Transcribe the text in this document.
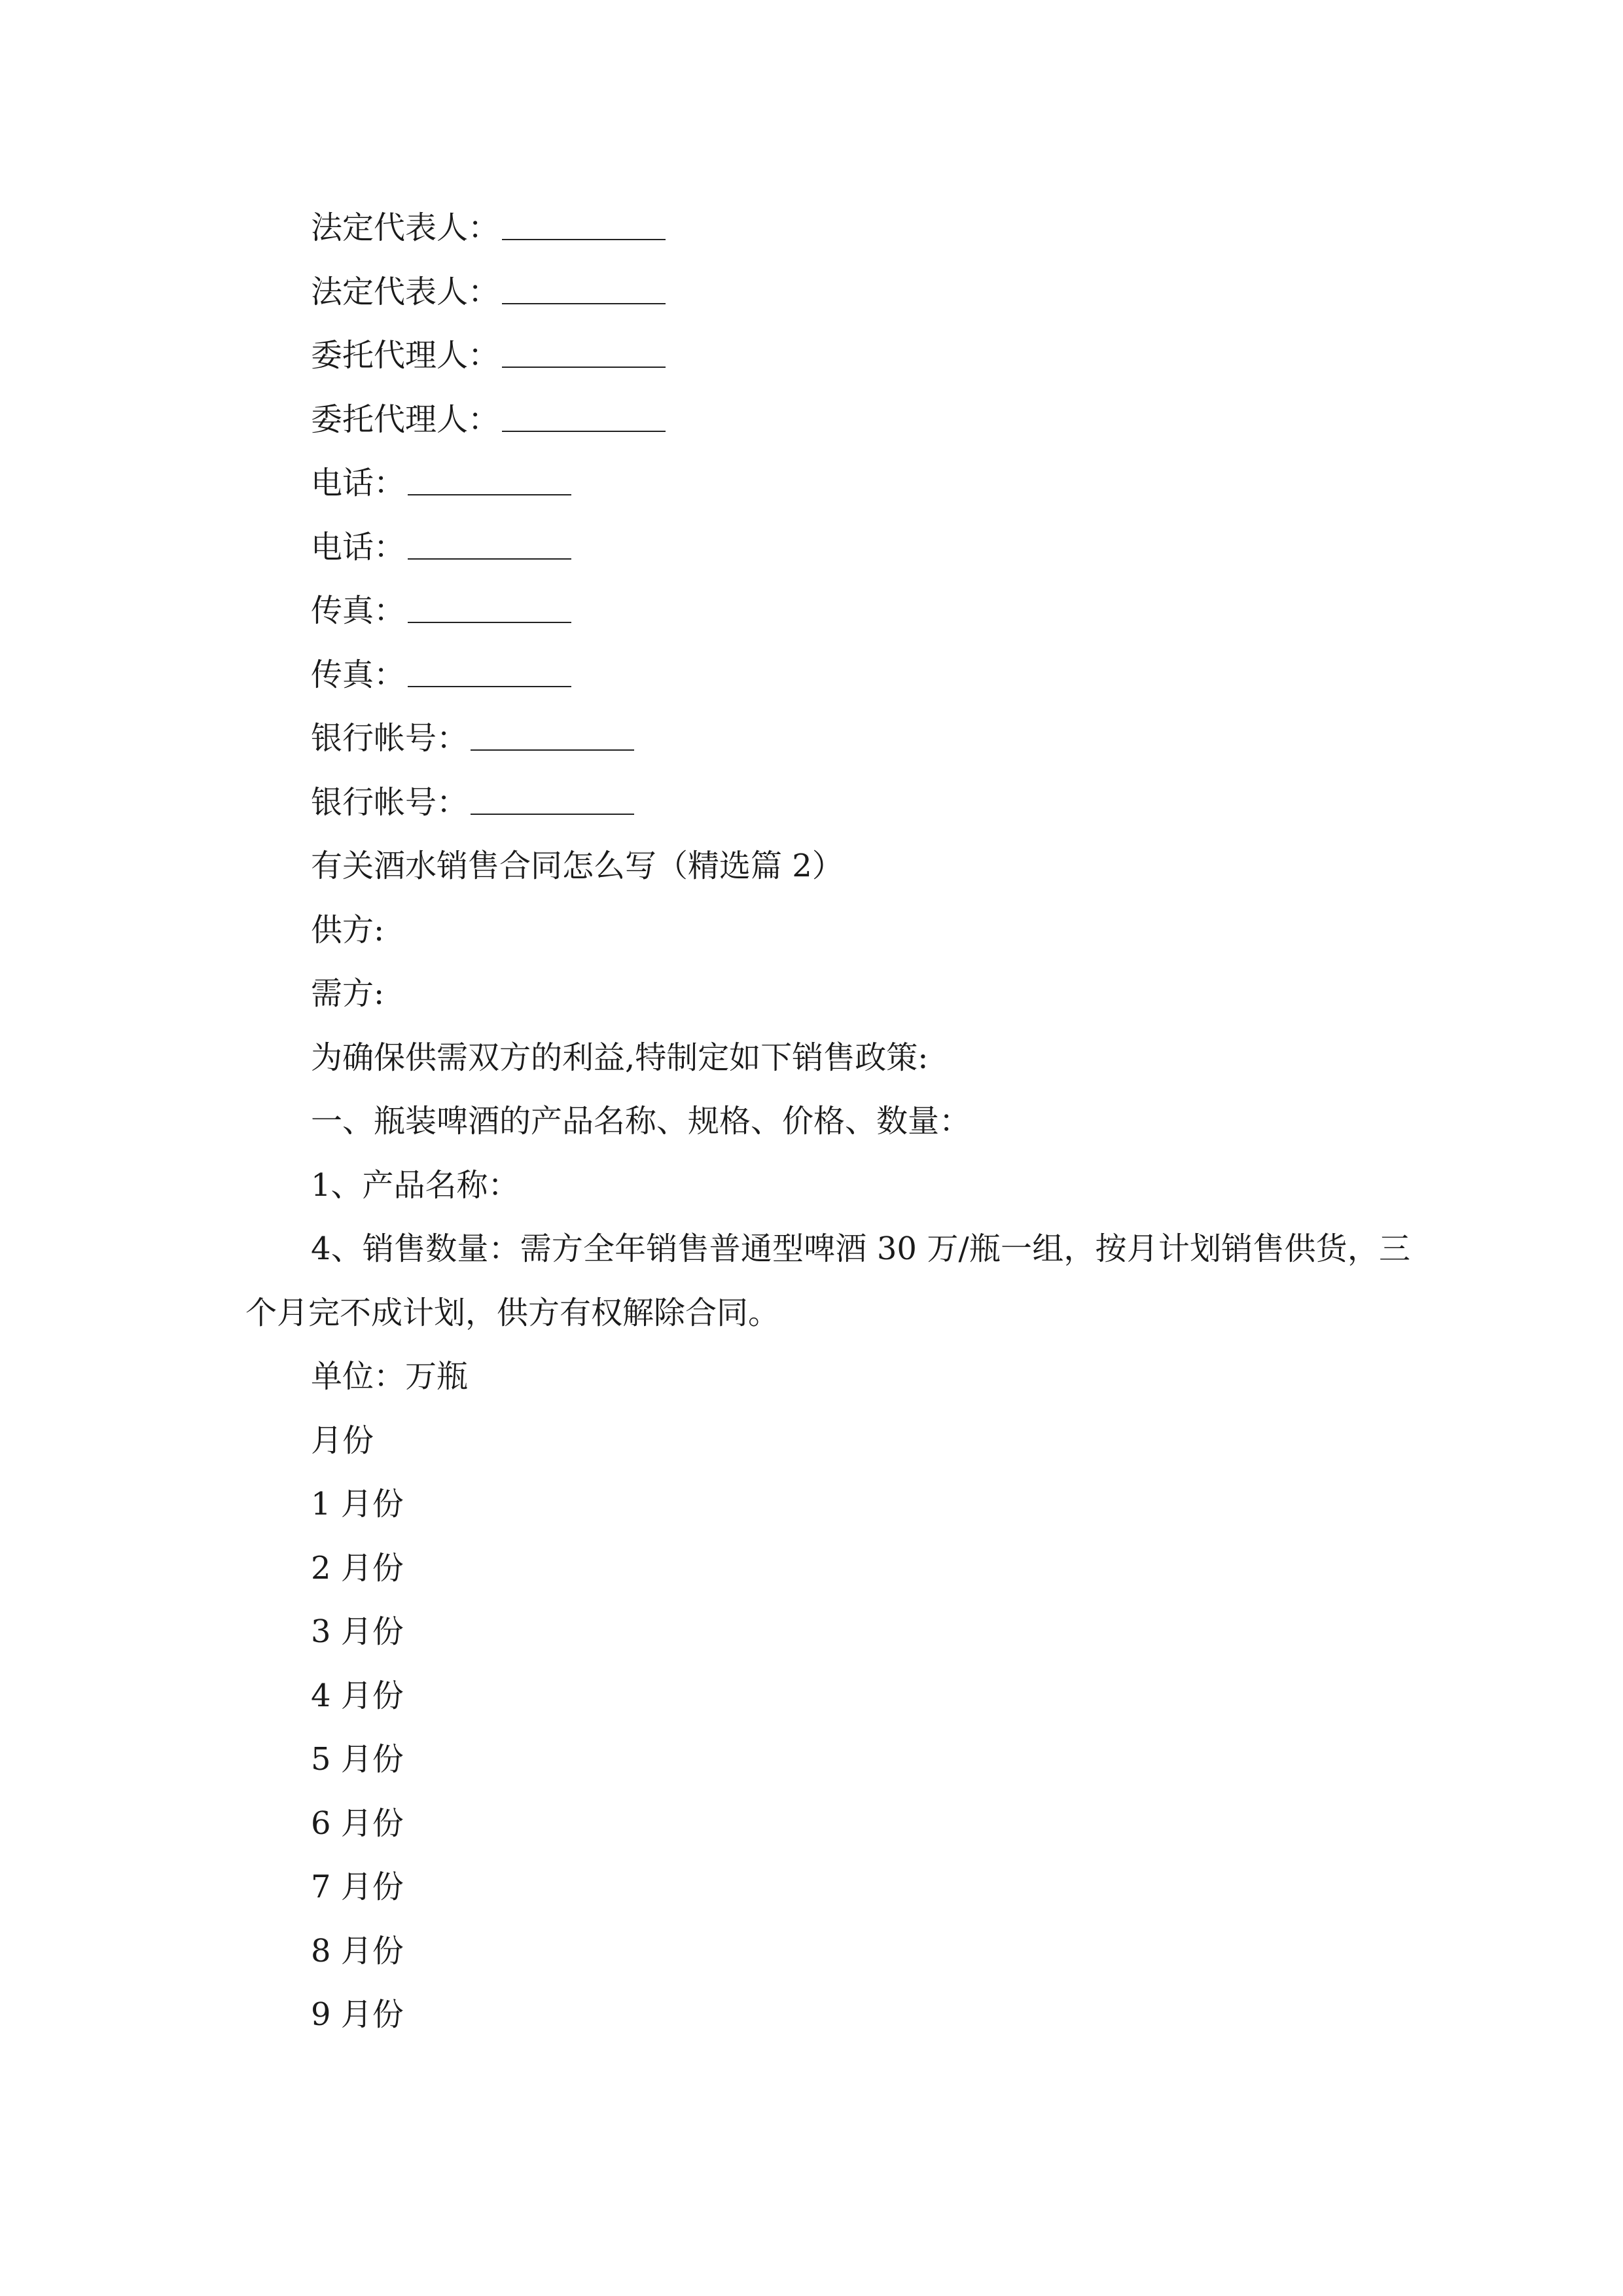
法定代表人：
法定代表人：
委托代理人：
委托代理人：
电话：
电话：
传真：
传真：
银行帐号：
银行帐号：
有关酒水销售合同怎么写（精选篇 2）
供方:
需方:
为确保供需双方的利益,特制定如下销售政策:
一、瓶装啤酒的产品名称、规格、价格、数量：
1、产品名称：
4、销售数量：需方全年销售普通型啤酒 30 万/瓶一组，按月计划销售供货，三个月完不成计划，供方有权解除合同。
单位：万瓶
月份
1 月份
2 月份
3 月份
4 月份
5 月份
6 月份
7 月份
8 月份
9 月份
